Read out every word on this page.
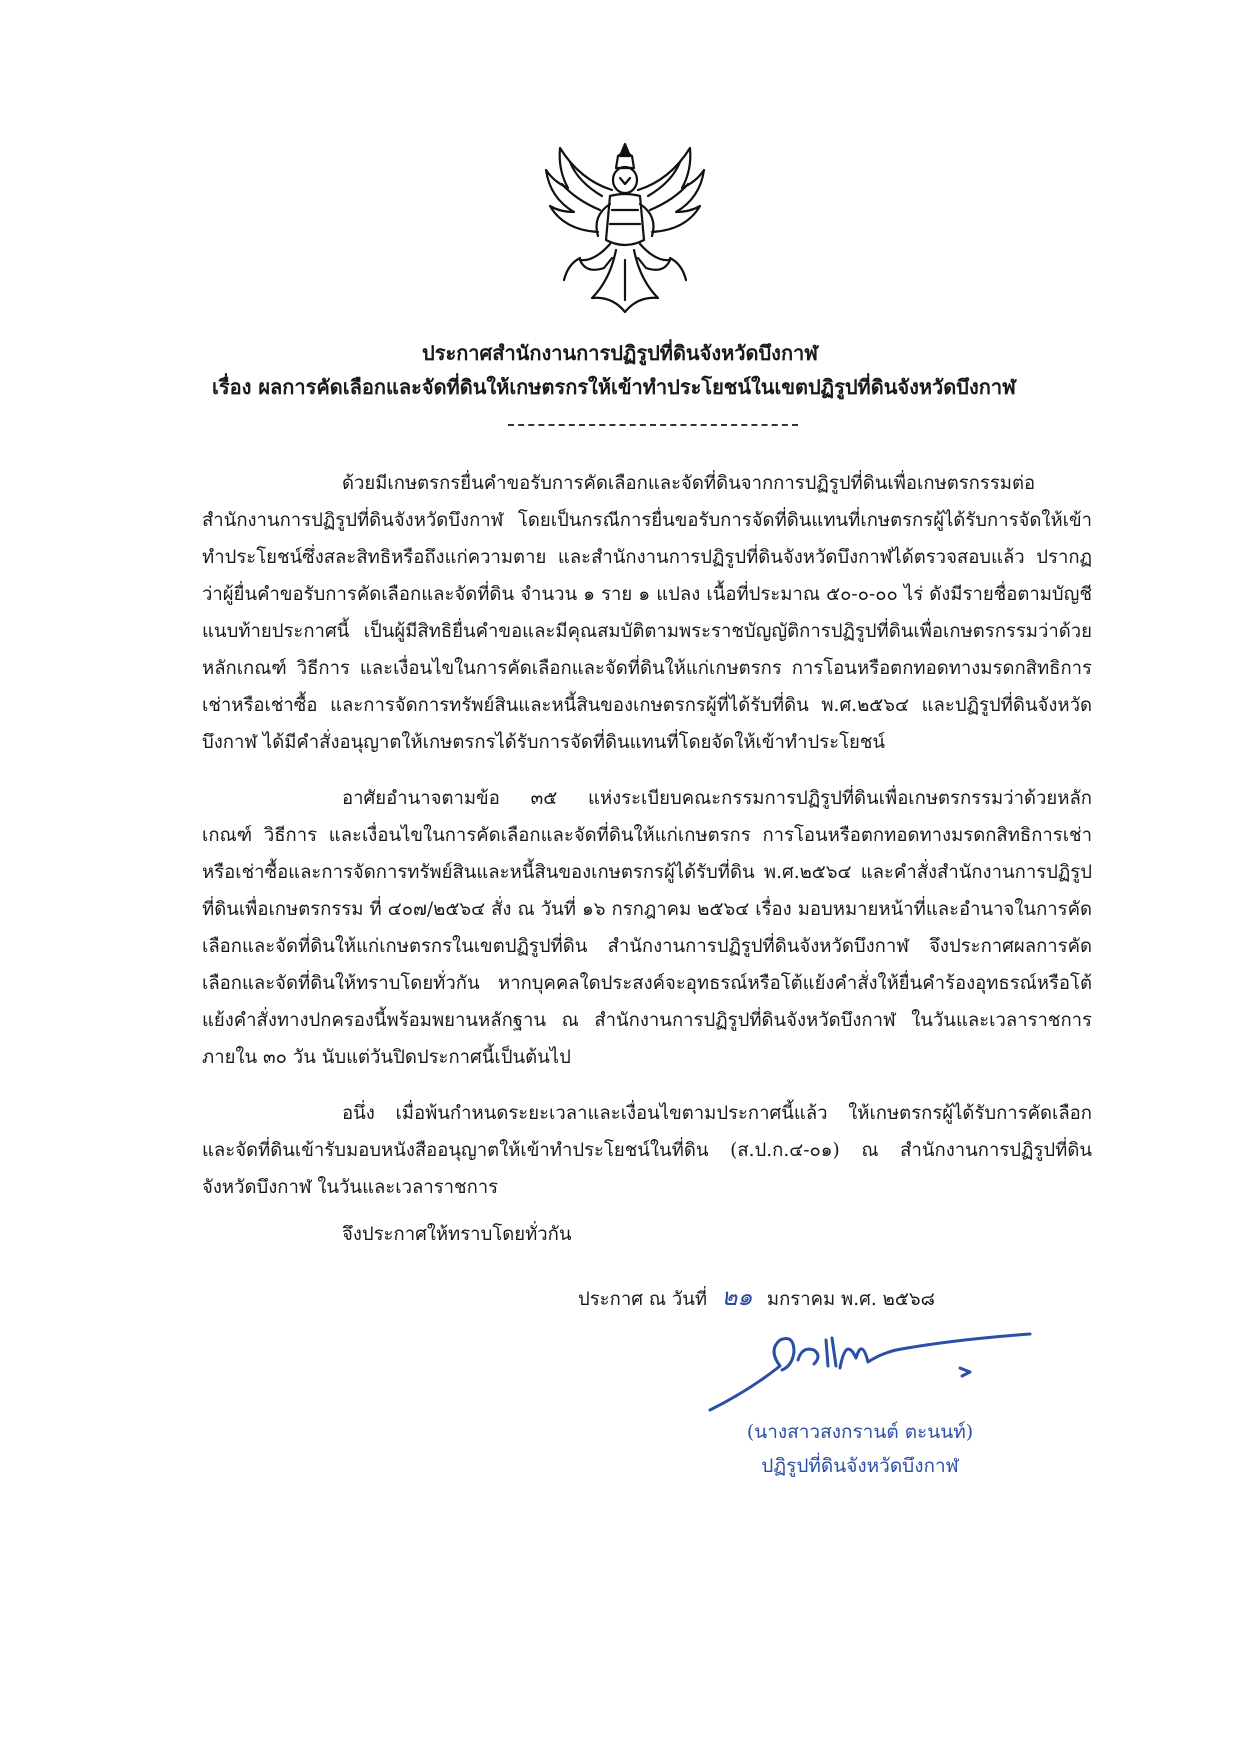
ประกาศสำนักงานการปฏิรูปที่ดินจังหวัดบึงกาฬ
เรื่อง ผลการคัดเลือกและจัดที่ดินให้เกษตรกรให้เข้าทำประโยชน์ในเขตปฏิรูปที่ดินจังหวัดบึงกาฬ

ด้วยมีเกษตรกรยื่นคำขอรับการคัดเลือกและจัดที่ดินจากการปฏิรูปที่ดินเพื่อเกษตรกรรมต่อสำนักงานการปฏิรูปที่ดินจังหวัดบึงกาฬ โดยเป็นกรณีการยื่นขอรับการจัดที่ดินแทนที่เกษตรกรผู้ได้รับการจัดให้เข้าทำประโยชน์ซึ่งสละสิทธิหรือถึงแก่ความตาย และสำนักงานการปฏิรูปที่ดินจังหวัดบึงกาฬได้ตรวจสอบแล้ว ปรากฏว่าผู้ยื่นคำขอรับการคัดเลือกและจัดที่ดิน จำนวน ๑ ราย ๑ แปลง เนื้อที่ประมาณ ๕๐-๐-๐๐ ไร่ ดังมีรายชื่อตามบัญชีแนบท้ายประกาศนี้ เป็นผู้มีสิทธิยื่นคำขอและมีคุณสมบัติตามพระราชบัญญัติการปฏิรูปที่ดินเพื่อเกษตรกรรมว่าด้วยหลักเกณฑ์ วิธีการ และเงื่อนไขในการคัดเลือกและจัดที่ดินให้แก่เกษตรกร การโอนหรือตกทอดทางมรดกสิทธิการเช่าหรือเช่าซื้อ และการจัดการทรัพย์สินและหนี้สินของเกษตรกรผู้ที่ได้รับที่ดิน พ.ศ.๒๕๖๔ และปฏิรูปที่ดินจังหวัดบึงกาฬ ได้มีคำสั่งอนุญาตให้เกษตรกรได้รับการจัดที่ดินแทนที่โดยจัดให้เข้าทำประโยชน์

อาศัยอำนาจตามข้อ ๓๕ แห่งระเบียบคณะกรรมการปฏิรูปที่ดินเพื่อเกษตรกรรมว่าด้วยหลักเกณฑ์ วิธีการ และเงื่อนไขในการคัดเลือกและจัดที่ดินให้แก่เกษตรกร การโอนหรือตกทอดทางมรดกสิทธิการเช่าหรือเช่าซื้อและการจัดการทรัพย์สินและหนี้สินของเกษตรกรผู้ได้รับที่ดิน พ.ศ.๒๕๖๔ และคำสั่งสำนักงานการปฏิรูปที่ดินเพื่อเกษตรกรรม ที่ ๔๐๗/๒๕๖๔ สั่ง ณ วันที่ ๑๖ กรกฎาคม ๒๕๖๔ เรื่อง มอบหมายหน้าที่และอำนาจในการคัดเลือกและจัดที่ดินให้แก่เกษตรกรในเขตปฏิรูปที่ดิน สำนักงานการปฏิรูปที่ดินจังหวัดบึงกาฬ จึงประกาศผลการคัดเลือกและจัดที่ดินให้ทราบโดยทั่วกัน หากบุคคลใดประสงค์จะอุทธรณ์หรือโต้แย้งคำสั่งให้ยื่นคำร้องอุทธรณ์หรือโต้แย้งคำสั่งทางปกครองนี้พร้อมพยานหลักฐาน ณ สำนักงานการปฏิรูปที่ดินจังหวัดบึงกาฬ ในวันและเวลาราชการ ภายใน ๓๐ วัน นับแต่วันปิดประกาศนี้เป็นต้นไป

อนึ่ง เมื่อพ้นกำหนดระยะเวลาและเงื่อนไขตามประกาศนี้แล้ว ให้เกษตรกรผู้ได้รับการคัดเลือกและจัดที่ดินเข้ารับมอบหนังสืออนุญาตให้เข้าทำประโยชน์ในที่ดิน (ส.ป.ก.๔-๐๑) ณ สำนักงานการปฏิรูปที่ดินจังหวัดบึงกาฬ ในวันและเวลาราชการ

จึงประกาศให้ทราบโดยทั่วกัน
ประกาศ ณ วันที่ ๒๑ มกราคม พ.ศ. ๒๕๖๘
(นางสาวสงกรานต์ ตะนนท์)
ปฏิรูปที่ดินจังหวัดบึงกาฬ
